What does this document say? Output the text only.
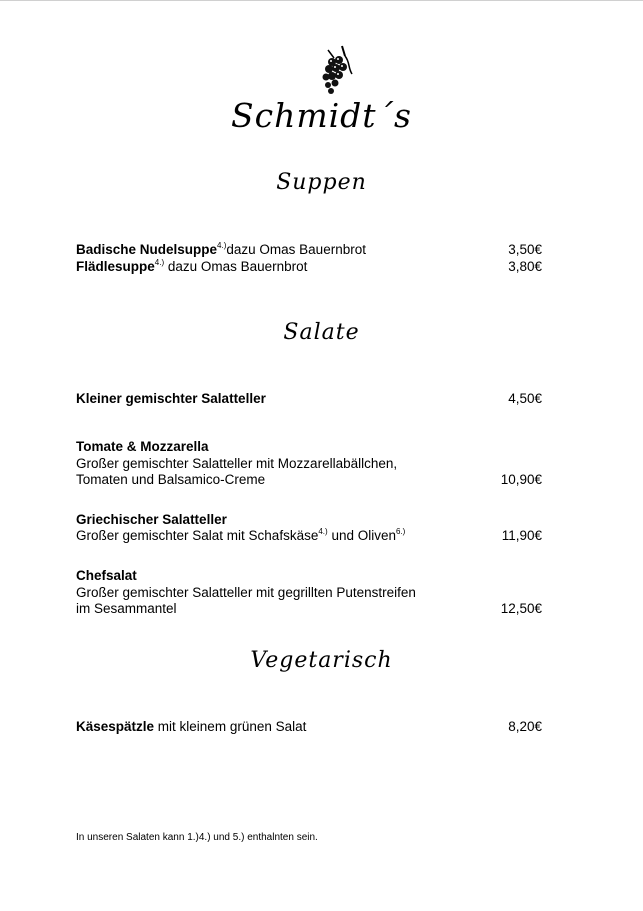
Schmidt´s
Suppen
Badische Nudelsuppe$^{4.)}$dazu Omas Bauernbrot	3,50€
Flädlesuppe$^{4.)}$ dazu Omas Bauernbrot	3,80€
Salate
Kleiner gemischter Salatteller	4,50€
Tomate & Mozzarella
Großer gemischter Salatteller mit Mozzarellabällchen,
Tomaten und Balsamico-Creme	10,90€
Griechischer Salatteller
Großer gemischter Salat mit Schafskäse$^{4.)}$ und Oliven$^{6.)}$	11,90€
Chefsalat
Großer gemischter Salatteller mit gegrillten Putenstreifen
im Sesammantel	12,50€
Vegetarisch
Käsespätzle mit kleinem grünen Salat	8,20€
In unseren Salaten kann 1.)4.) und 5.) enthalnten sein.
